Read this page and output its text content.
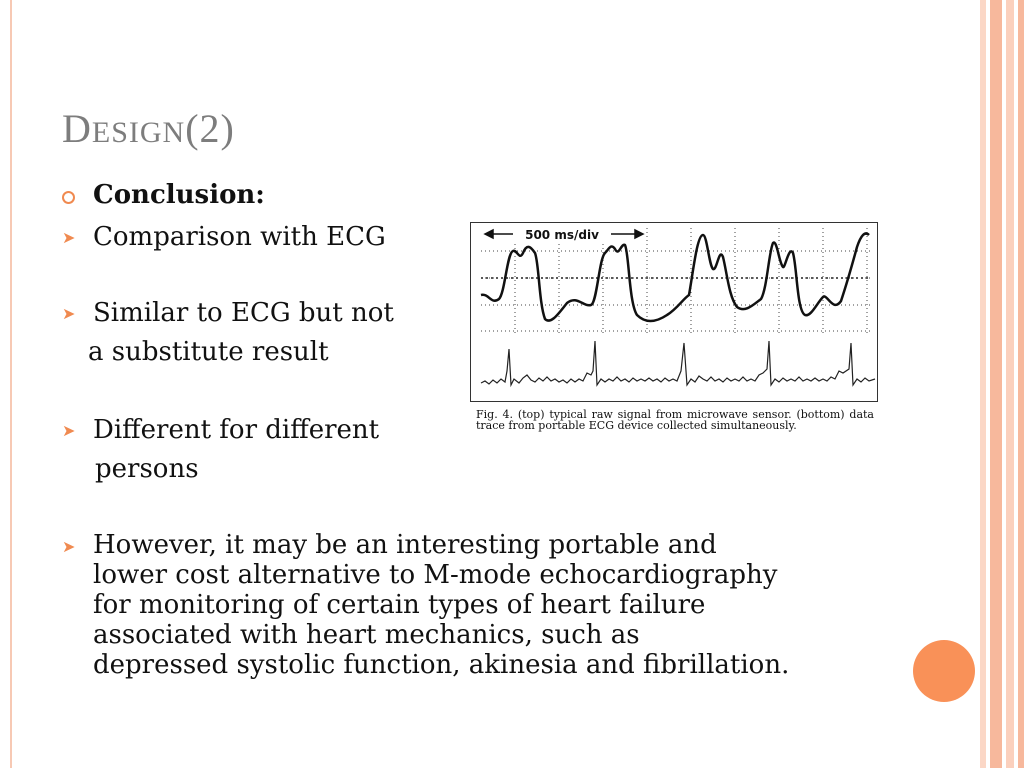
DESIGN(2)
Conclusion:
➤ Comparison with ECG
➤ Similar to ECG but not
a substitute result
➤ Different for different
persons
➤ However, it may be an interesting portable and
lower cost alternative to M-mode echocardiography
for monitoring of certain types of heart failure
associated with heart mechanics, such as
depressed systolic function, akinesia and fibrillation.
500 ms/div
Fig. 4. (top) typical raw signal from microwave sensor. (bottom) data trace from portable ECG device collected simultaneously.
